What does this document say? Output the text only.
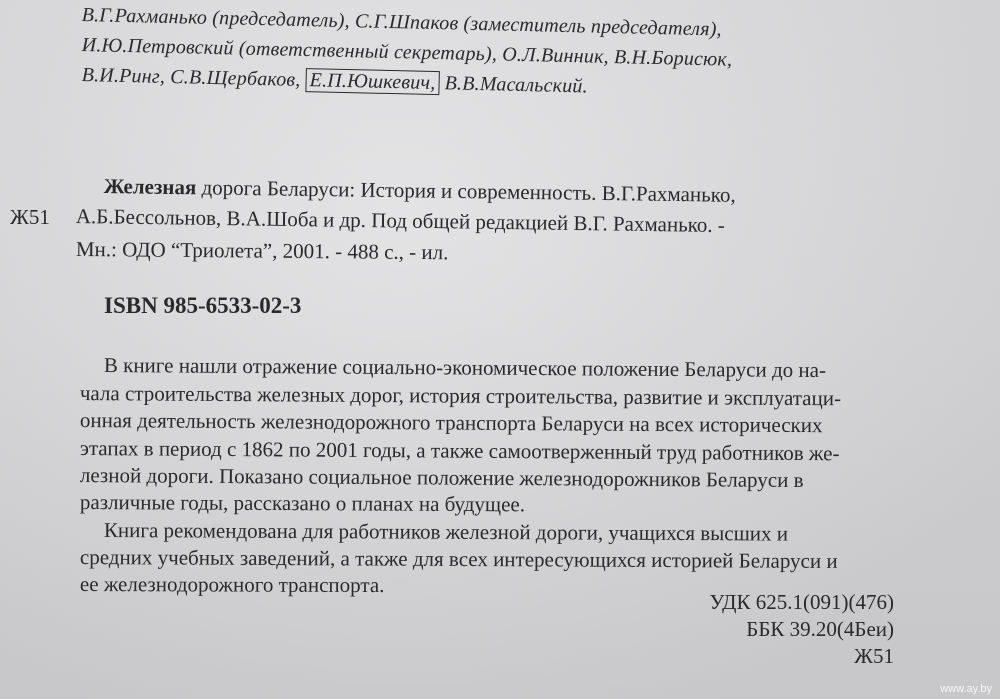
В.Г.Рахманько (председатель), С.Г.Шпаков (заместитель председателя),
И.Ю.Петровский (ответственный секретарь), О.Л.Винник, В.Н.Борисюк,
В.И.Ринг, С.В.Щербаков, Е.П.Юшкевич, В.В.Масальский.
Ж51
Железная дорога Беларуси: История и современность. В.Г.Рахманько,
А.Б.Бессольнов, В.А.Шоба и др. Под общей редакцией В.Г. Рахманько. -
Мн.: ОДО “Триолета”, 2001. - 488 с., - ил.
ISBN 985-6533-02-3
В книге нашли отражение социально-экономическое положение Беларуси до на-
чала строительства железных дорог, история строительства, развитие и эксплуатаци-
онная деятельность железнодорожного транспорта Беларуси на всех исторических
этапах в период с 1862 по 2001 годы, а также самоотверженный труд работников же-
лезной дороги. Показано социальное положение железнодорожников Беларуси в
различные годы, рассказано о планах на будущее.
Книга рекомендована для работников железной дороги, учащихся высших и
средних учебных заведений, а также для всех интересующихся историей Беларуси и
ее железнодорожного транспорта.
УДК 625.1(091)(476)
ББК 39.20(4Беи)
Ж51
www.ay.by
